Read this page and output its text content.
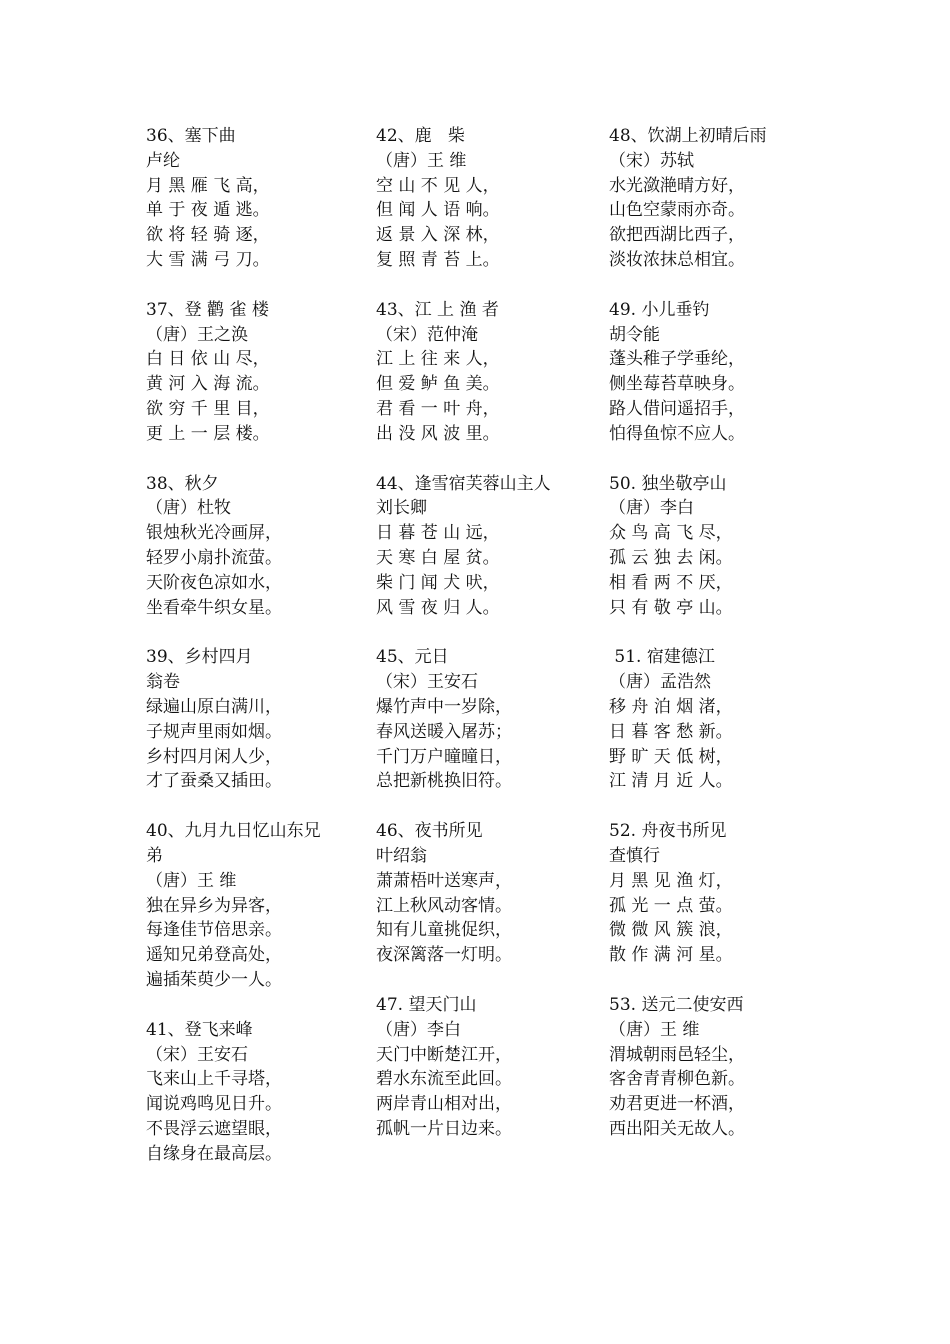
36、塞下曲
卢纶
月 黑 雁 飞 高，
单 于 夜 遁 逃。
欲 将 轻 骑 逐，
大 雪 满 弓 刀。
37、登 鹳 雀 楼
（唐）王之涣
白 日 依 山 尽，
黄 河 入 海 流。
欲 穷 千 里 目，
更 上 一 层 楼。
38、秋夕
（唐）杜牧
银烛秋光冷画屏，
轻罗小扇扑流萤。
天阶夜色凉如水，
坐看牵牛织女星。
39、乡村四月
翁卷
绿遍山原白满川，
子规声里雨如烟。
乡村四月闲人少，
才了蚕桑又插田。
40、九月九日忆山东兄
弟
（唐）王 维
独在异乡为异客，
每逢佳节倍思亲。
遥知兄弟登高处，
遍插茱萸少一人。
41、登飞来峰
（宋）王安石
飞来山上千寻塔，
闻说鸡鸣见日升。
不畏浮云遮望眼，
自缘身在最高层。
42、鹿   柴
（唐）王 维
空 山 不 见 人，
但 闻 人 语 响。
返 景 入 深 林，
复 照 青 苔 上。
43、江 上 渔 者
（宋）范仲淹
江 上 往 来 人，
但 爱 鲈 鱼 美。
君 看 一 叶 舟，
出 没 风 波 里。
44、逢雪宿芙蓉山主人
刘长卿
日 暮 苍 山 远，
天 寒 白 屋 贫。
柴 门 闻 犬 吠，
风 雪 夜 归 人。
45、元日
（宋）王安石
爆竹声中一岁除，
春风送暖入屠苏；
千门万户曈曈日，
总把新桃换旧符。
46、夜书所见
叶绍翁
萧萧梧叶送寒声，
江上秋风动客情。
知有儿童挑促织，
夜深篱落一灯明。
47. 望天门山
（唐）李白
天门中断楚江开，
碧水东流至此回。
两岸青山相对出，
孤帆一片日边来。
48、饮湖上初晴后雨
（宋）苏轼
水光潋滟晴方好，
山色空蒙雨亦奇。
欲把西湖比西子，
淡妆浓抹总相宜。
49. 小儿垂钓
胡令能
蓬头稚子学垂纶，
侧坐莓苔草映身。
路人借问遥招手，
怕得鱼惊不应人。
50. 独坐敬亭山
（唐）李白
众 鸟 高 飞 尽，
孤 云 独 去 闲。
相 看 两 不 厌，
只 有 敬 亭 山。
51. 宿建德江
（唐）孟浩然
移 舟 泊 烟 渚，
日 暮 客 愁 新。
野 旷 天 低 树，
江 清 月 近 人。
52. 舟夜书所见
查慎行
月 黑 见 渔 灯，
孤 光 一 点 萤。
微 微 风 簇 浪，
散 作 满 河 星。
53. 送元二使安西
（唐）王 维
渭城朝雨邑轻尘，
客舍青青柳色新。
劝君更进一杯酒，
西出阳关无故人。
